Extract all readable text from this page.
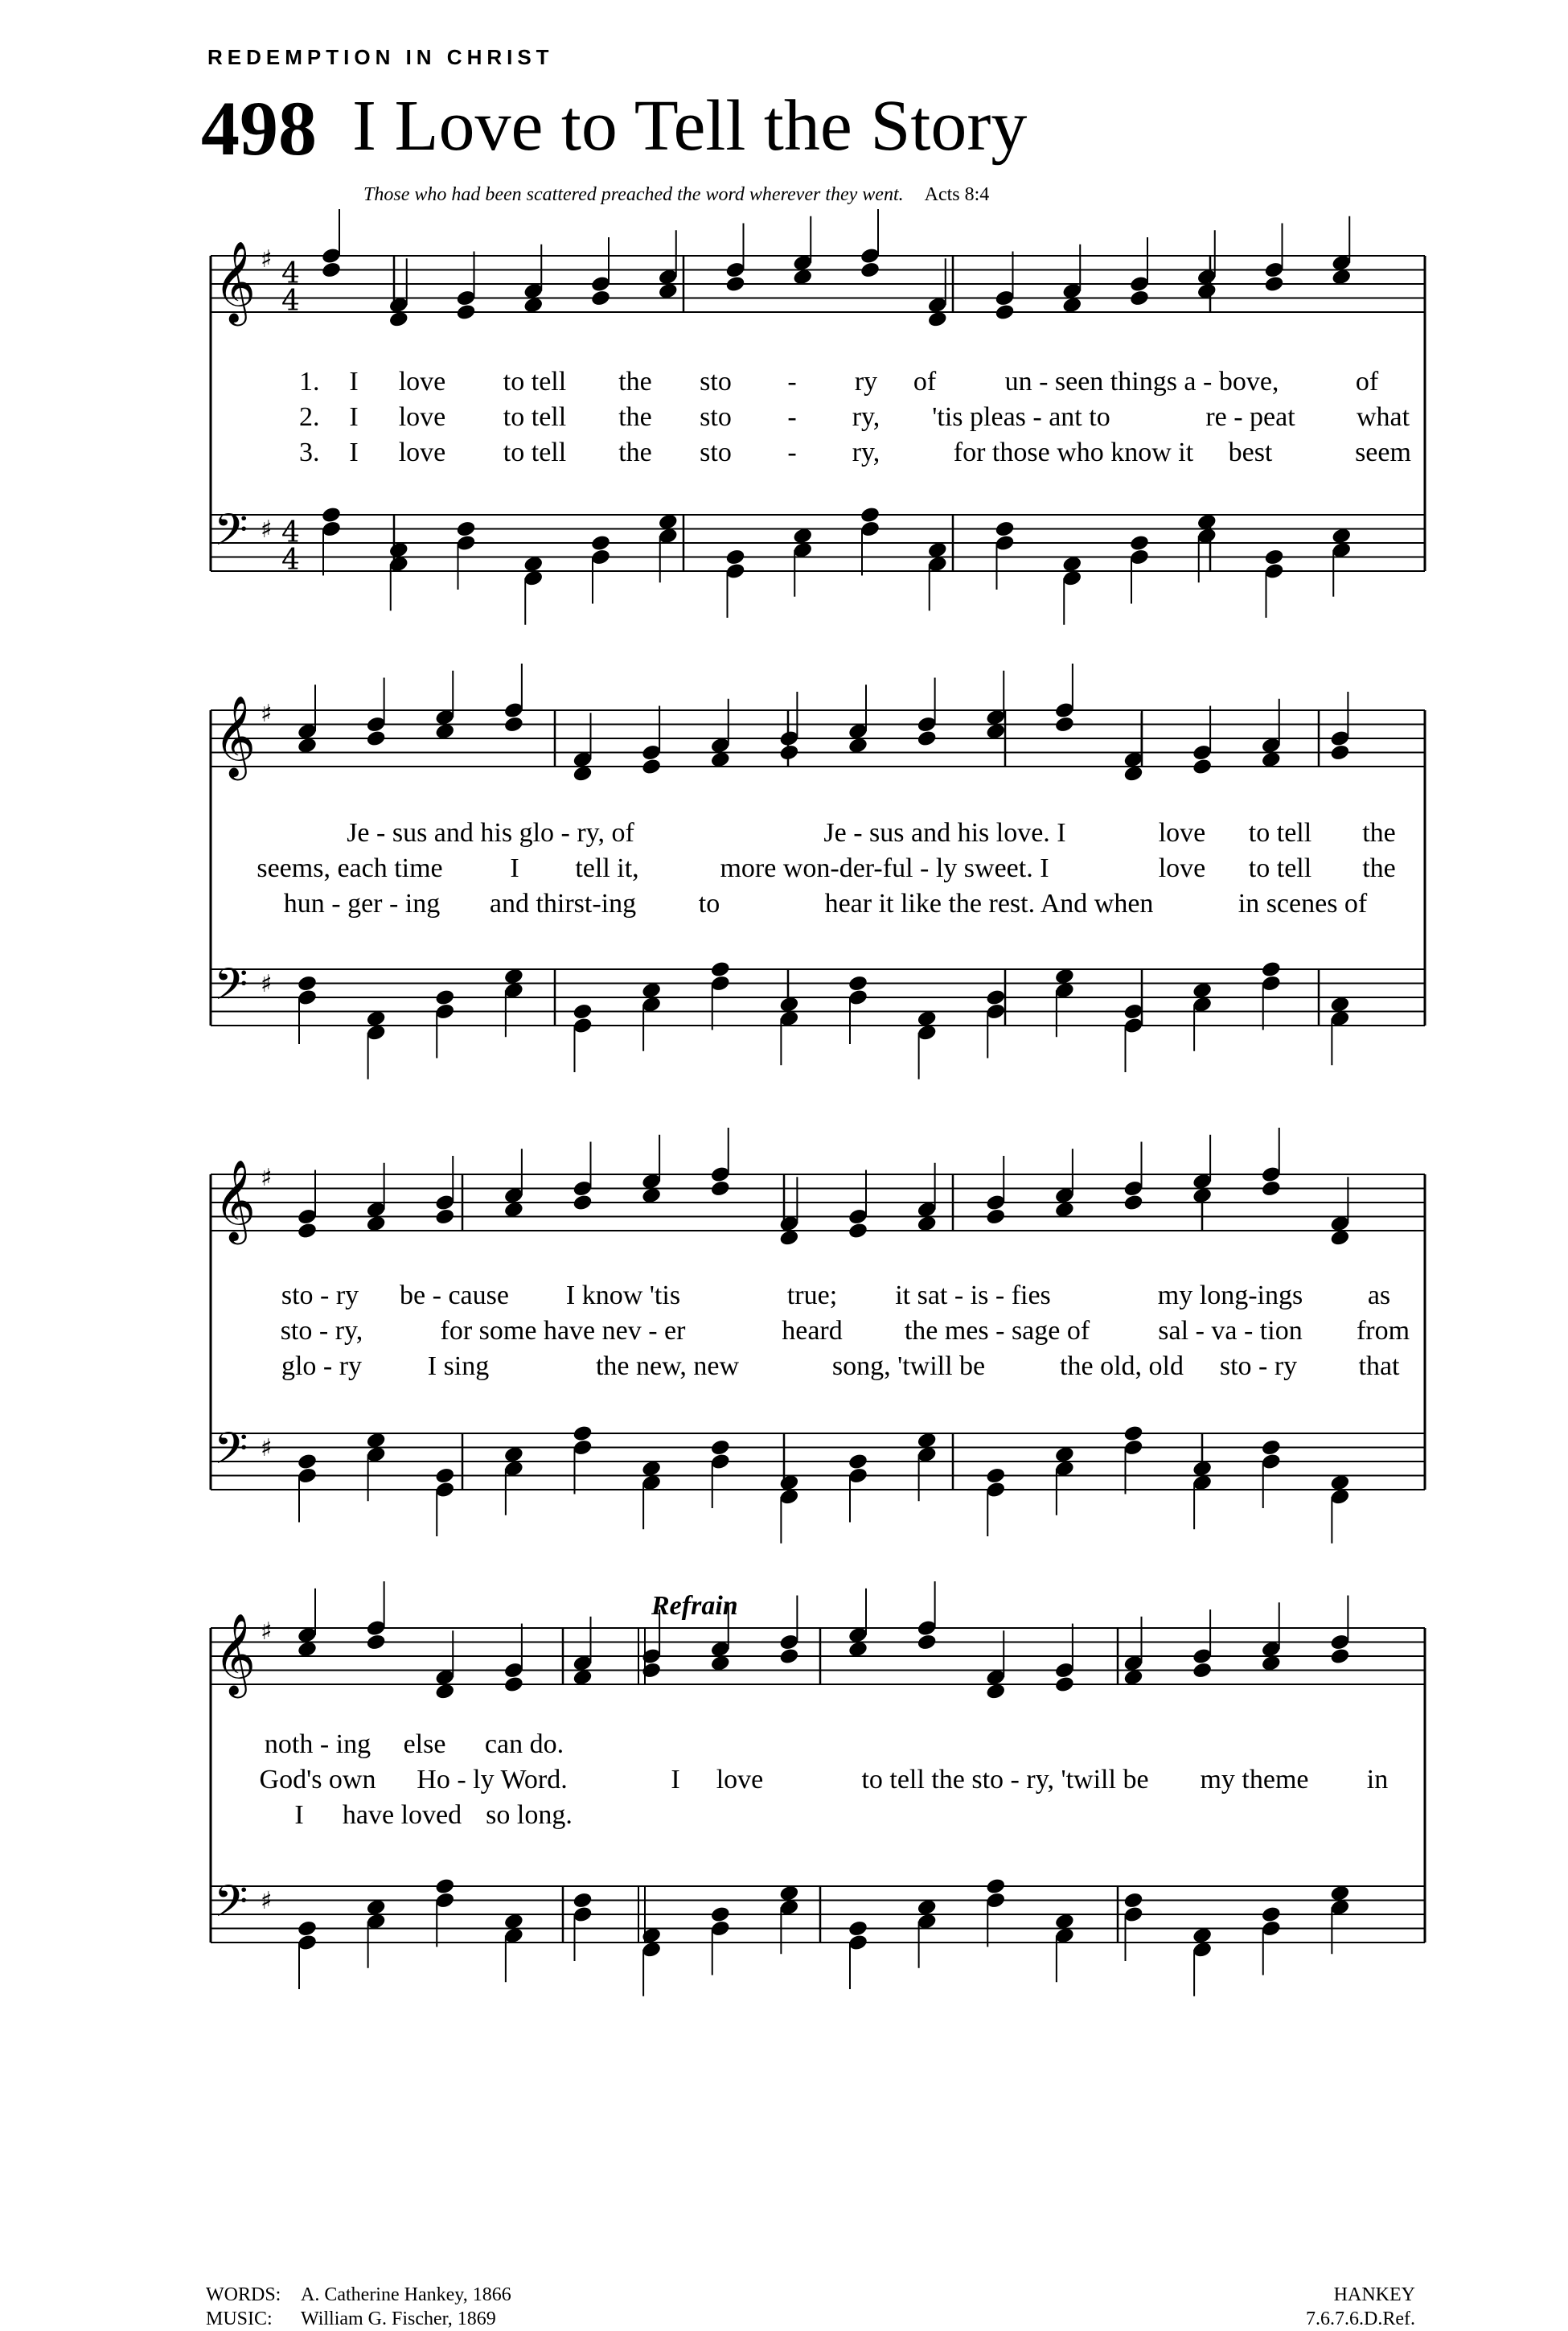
REDEMPTION IN CHRIST
498 I Love to Tell the Story
Those who had been scattered preached the word wherever they went. Acts 8:4
𝄞 ♯ 4
4
𝄢 ♯ 4
4
𝄞 ♯
𝄢 ♯
𝄞 ♯
𝄢 ♯
𝄞 ♯
𝄢 ♯
Refrain
1.
2.
3.
I love to tell the sto - ry of	un - seen things a - bove,	of
I love to tell the sto - ry, 'tis pleas - ant to	re - peat what
I love to tell the sto - ry,	for those who know it best	seem
Je - sus and his glo - ry, of	Je - sus and his love. I	love to tell the
seems, each time I tell it,	more won-der-ful - ly sweet. I	love to tell the
hun - ger - ing and thirst-ing to	hear it like the rest. And when	in scenes of
sto - ry be - cause I know 'tis	true; it sat - is - fies	my long-ings as
sto - ry,	for some have nev - er	heard the mes - sage of	sal - va - tion from
glo - ry I sing	the new, new	song, 'twill be	the old, old sto - ry that
noth - ing else can do.
God's own Ho - ly Word.	I love	to tell the sto - ry, 'twill be my theme in
I have loved so long.
WORDS: A. Catherine Hankey, 1866
MUSIC: William G. Fischer, 1869
HANKEY
7.6.7.6.D.Ref.
